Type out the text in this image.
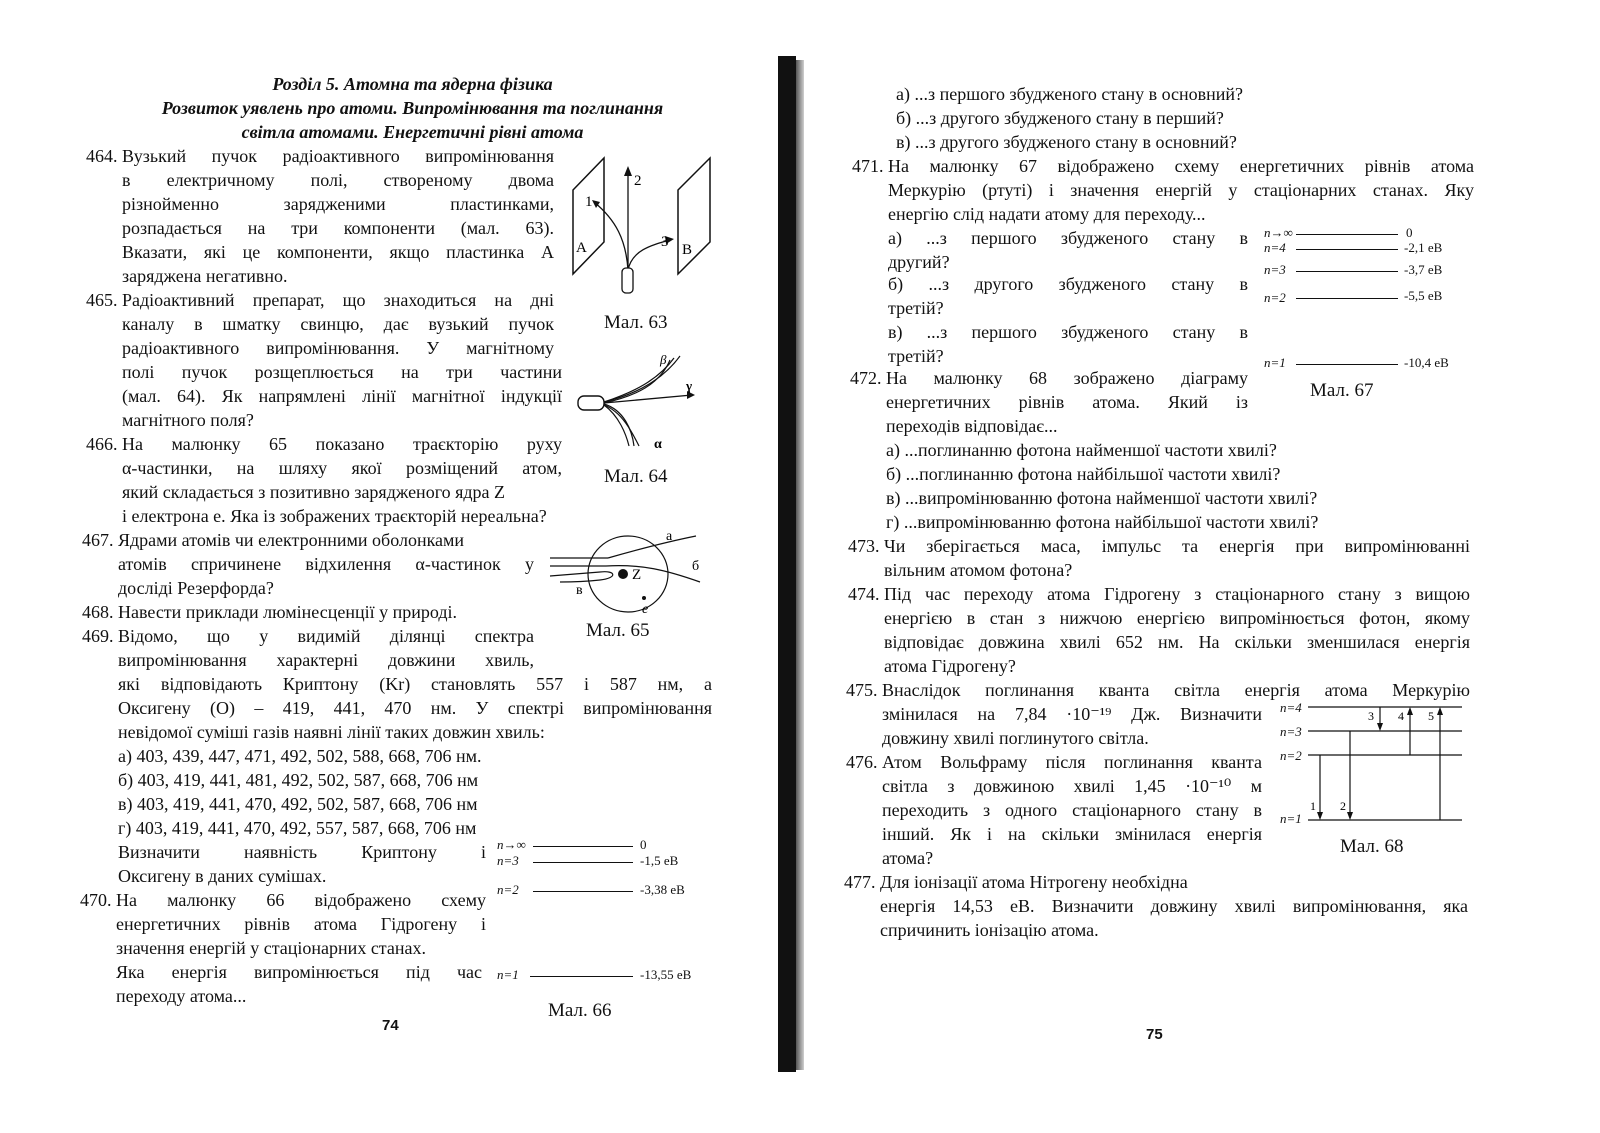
Розділ 5. Атомна та ядерна фізика
Розвиток уявлень про атоми. Випромінювання та поглинання
світла атомами. Енергетичні рівні атома
464. Вузький пучок радіоактивного випромінювання
в електричному полі, створеному двома
різнойменно зарядженими пластинками,
розпадається на три компоненти (мал. 63).
Вказати, які це компоненти, якщо пластинка А
заряджена негативно.
465. Радіоактивний препарат, що знаходиться на дні
каналу в шматку свинцю, дає вузький пучок
радіоактивного випромінювання. У магнітному
полі пучок розщеплюється на три частини
(мал. 64). Як напрямлені лінії магнітної індукції
магнітного поля?
466. На малюнку 65 показано траєкторію руху
α-частинки, на шляху якої розміщений атом,
який складається з позитивно зарядженого ядра Z
і електрона e. Яка із зображених траєкторій нереальна?
467. Ядрами атомів чи електронними оболонками
атомів спричинене відхилення α-частинок у
досліді Резерфорда?
468. Навести приклади люмінесценції у природі.
469. Відомо, що у видимій ділянці спектра
випромінювання характерні довжини хвиль,
які відповідають Криптону (Kr) становлять 557 і 587 нм, а
Оксигену (О) – 419, 441, 470 нм. У спектрі випромінювання
невідомої суміші газів наявні лінії таких довжин хвиль:
а) 403, 439, 447, 471, 492, 502, 588, 668, 706 нм.
б) 403, 419, 441, 481, 492, 502, 587, 668, 706 нм
в) 403, 419, 441, 470, 492, 502, 587, 668, 706 нм
г) 403, 419, 441, 470, 492, 557, 587, 668, 706 нм
Визначити наявність Криптону і
Оксигену в даних сумішах.
470. На малюнку 66 відображено схему
енергетичних рівнів атома Гідрогену і
значення енергій у стаціонарних станах.
Яка енергія випромінюється під час
переходу атома...
1
2
3
A	B
Мал. 63
β
γ
α
Мал. 64
а
б
в
Z
e
Мал. 65
n→∞	0
n=3	-1,5 eB
n=2	-3,38 eB
n=1	-13,55 eB
Мал. 66
74
а) ...з першого збудженого стану в основний?
б) ...з другого збудженого стану в перший?
в) ...з другого збудженого стану в основний?
471. На малюнку 67 відображено схему енергетичних рівнів атома
Меркурію (ртуті) і значення енергій у стаціонарних станах. Яку
енергію слід надати атому для переходу...
а) ...з першого збудженого стану в
другий?
б) ...з другого збудженого стану в
третій?
в) ...з першого збудженого стану в
третій?
472. На малюнку 68 зображено діаграму
енергетичних рівнів атома. Який із
переходів відповідає...
а) ...поглинанню фотона найменшої частоти хвилі?
б) ...поглинанню фотона найбільшої частоти хвилі?
в) ...випромінюванню фотона найменшої частоти хвилі?
г) ...випромінюванню фотона найбільшої частоти хвилі?
473. Чи зберігається маса, імпульс та енергія при випромінюванні
вільним атомом фотона?
474. Під час переходу атома Гідрогену з стаціонарного стану з вищою
енергією в стан з нижчою енергією випромінюється фотон, якому
відповідає довжина хвилі 652 нм. На скільки зменшилася енергія
атома Гідрогену?
475. Внаслідок поглинання кванта світла енергія атома Меркурію
змінилася на 7,84 ·10⁻¹⁹ Дж. Визначити
довжину хвилі поглинутого світла.
476. Атом Вольфраму після поглинання кванта
світла з довжиною хвилі 1,45 ·10⁻¹⁰ м
переходить з одного стаціонарного стану в
інший. Як і на скільки змінилася енергія
атома?
477. Для іонізації атома Нітрогену необхідна
енергія 14,53 еВ. Визначити довжину хвилі випромінювання, яка
спричинить іонізацію атома.
n→∞	0
n=4	-2,1 eB
n=3	-3,7 eB
n=2	-5,5 eB
n=1	-10,4 eB
Мал. 67
n=4
n=3
n=2
n=1
1 2
3 4 5
Мал. 68
75
